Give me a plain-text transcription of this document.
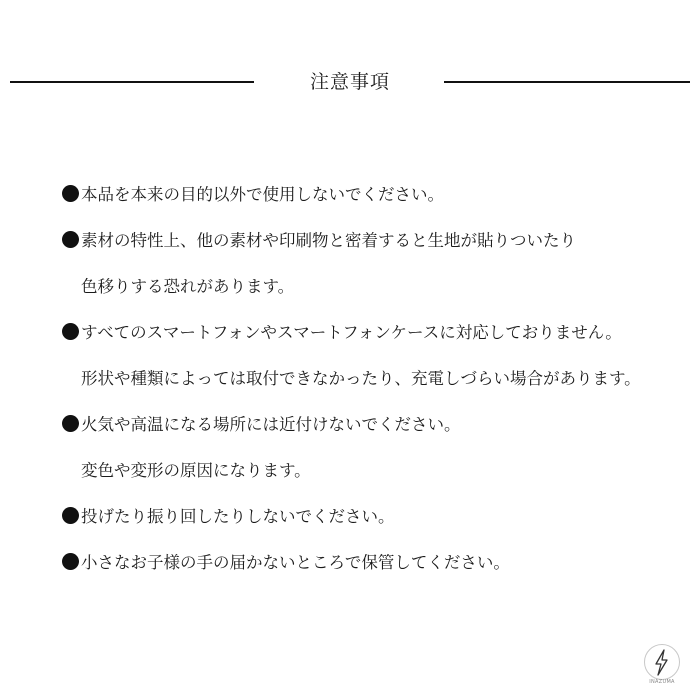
注意事項
本品を本来の目的以外で使用しないでください。
素材の特性上、他の素材や印刷物と密着すると生地が貼りついたり
色移りする恐れがあります。
すべてのスマートフォンやスマートフォンケースに対応しておりません。
形状や種類によっては取付できなかったり、充電しづらい場合があります。
火気や高温になる場所には近付けないでください。
変色や変形の原因になります。
投げたり振り回したりしないでください。
小さなお子様の手の届かないところで保管してください。
INAZUMA
